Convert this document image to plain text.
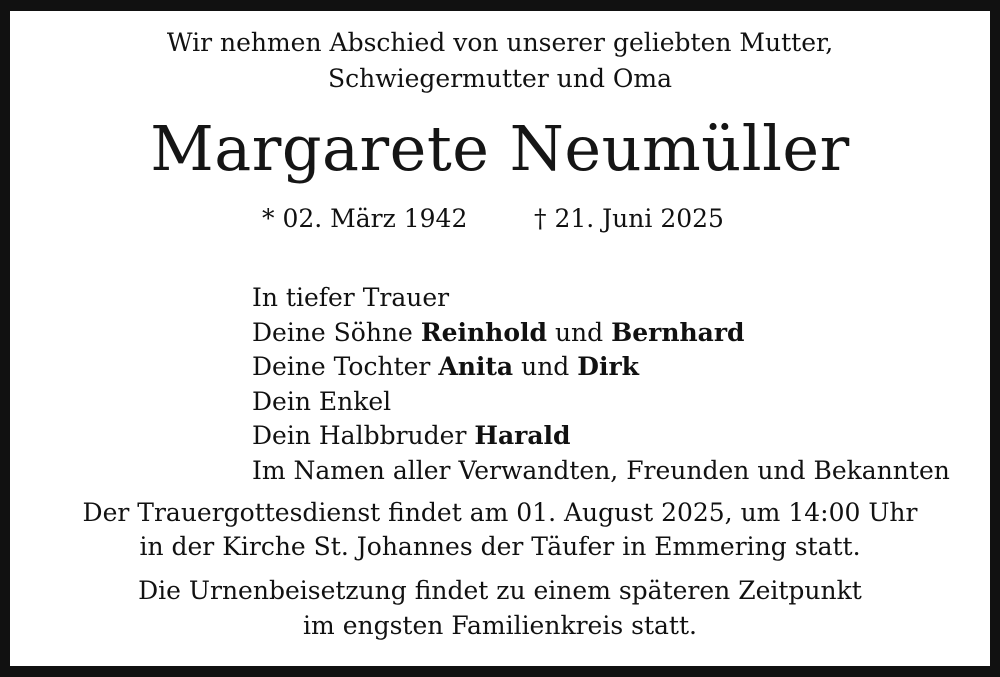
Wir nehmen Abschied von unserer geliebten Mutter,
Schwiegermutter und Oma
Margarete Neumüller
* 02. März 1942	† 21. Juni 2025
In tiefer Trauer
Deine Söhne Reinhold und Bernhard
Deine Tochter Anita und Dirk
Dein Enkel
Dein Halbbruder Harald
Im Namen aller Verwandten, Freunden und Bekannten
Der Trauergottesdienst findet am 01. August 2025, um 14:00 Uhr
in der Kirche St. Johannes der Täufer in Emmering statt.
Die Urnenbeisetzung findet zu einem späteren Zeitpunkt
im engsten Familienkreis statt.
